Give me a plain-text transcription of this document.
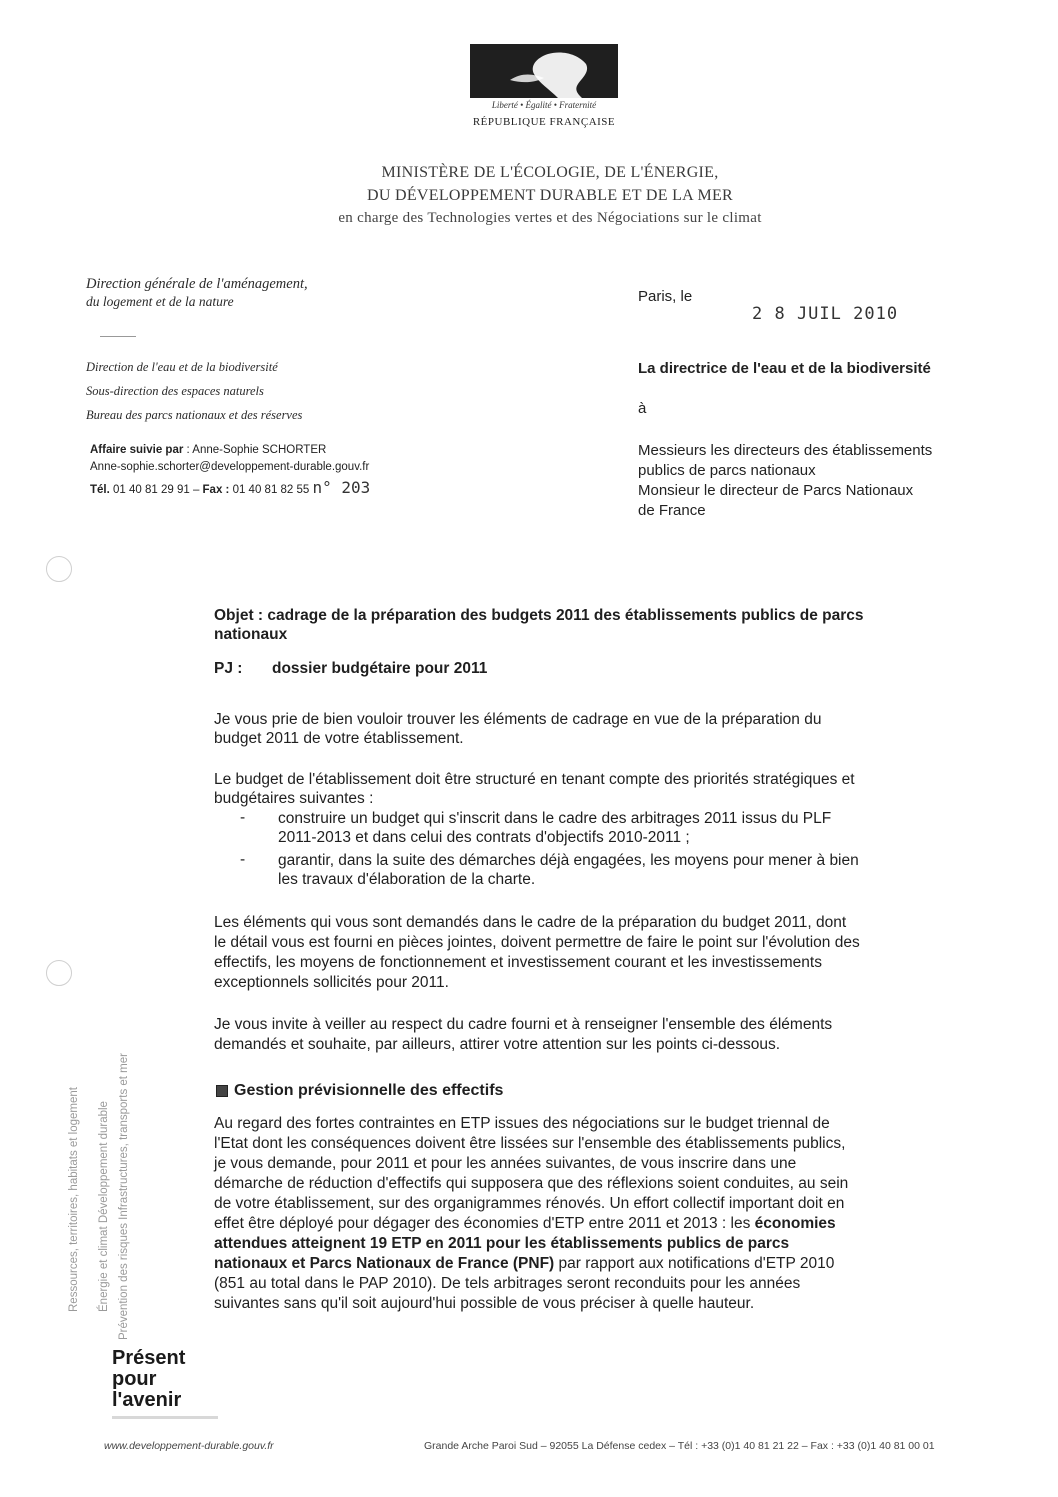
Liberté • Égalité • Fraternité
RÉPUBLIQUE FRANÇAISE
MINISTÈRE DE L'ÉCOLOGIE, DE L'ÉNERGIE,
DU DÉVELOPPEMENT DURABLE ET DE LA MER
en charge des Technologies vertes et des Négociations sur le climat
Direction générale de l'aménagement,
du logement et de la nature
Direction de l'eau et de la biodiversité
Sous-direction des espaces naturels
Bureau des parcs nationaux et des réserves
Affaire suivie par : Anne-Sophie SCHORTER
Anne-sophie.schorter@developpement-durable.gouv.fr
Tél. 01 40 81 29 91 – Fax : 01 40 81 82 55 n° 203
Paris, le
2 8 JUIL 2010
La directrice de l'eau et de la biodiversité
à
Messieurs les directeurs des établissements
publics de parcs nationaux
Monsieur le directeur de Parcs Nationaux
de France
Objet : cadrage de la préparation des budgets 2011 des établissements publics de parcs
nationaux
PJ :	dossier budgétaire pour 2011
Je vous prie de bien vouloir trouver les éléments de cadrage en vue de la préparation du
budget 2011 de votre établissement.
Le budget de l'établissement doit être structuré en tenant compte des priorités stratégiques et
budgétaires suivantes :
- construire un budget qui s'inscrit dans le cadre des arbitrages 2011 issus du PLF
2011-2013 et dans celui des contrats d'objectifs 2010-2011 ;
- garantir, dans la suite des démarches déjà engagées, les moyens pour mener à bien
les travaux d'élaboration de la charte.
Les éléments qui vous sont demandés dans le cadre de la préparation du budget 2011, dont
le détail vous est fourni en pièces jointes, doivent permettre de faire le point sur l'évolution des
effectifs, les moyens de fonctionnement et investissement courant et les investissements
exceptionnels sollicités pour 2011.
Je vous invite à veiller au respect du cadre fourni et à renseigner l'ensemble des éléments
demandés et souhaite, par ailleurs, attirer votre attention sur les points ci-dessous.
Gestion prévisionnelle des effectifs
Au regard des fortes contraintes en ETP issues des négociations sur le budget triennal de
l'Etat dont les conséquences doivent être lissées sur l'ensemble des établissements publics,
je vous demande, pour 2011 et pour les années suivantes, de vous inscrire dans une
démarche de réduction d'effectifs qui supposera que des réflexions soient conduites, au sein
de votre établissement, sur des organigrammes rénovés. Un effort collectif important doit en
effet être déployé pour dégager des économies d'ETP entre 2011 et 2013 : les économies
attendues atteignent 19 ETP en 2011 pour les établissements publics de parcs
nationaux et Parcs Nationaux de France (PNF) par rapport aux notifications d'ETP 2010
(851 au total dans le PAP 2010). De tels arbitrages seront reconduits pour les années
suivantes sans qu'il soit aujourd'hui possible de vous préciser à quelle hauteur.
Ressources, territoires, habitats et logement Énergie et climat Développement durable Prévention des risques Infrastructures, transports et mer
Présent
pour
l'avenir
www.developpement-durable.gouv.fr	Grande Arche Paroi Sud – 92055 La Défense cedex – Tél : +33 (0)1 40 81 21 22 – Fax : +33 (0)1 40 81 00 01
